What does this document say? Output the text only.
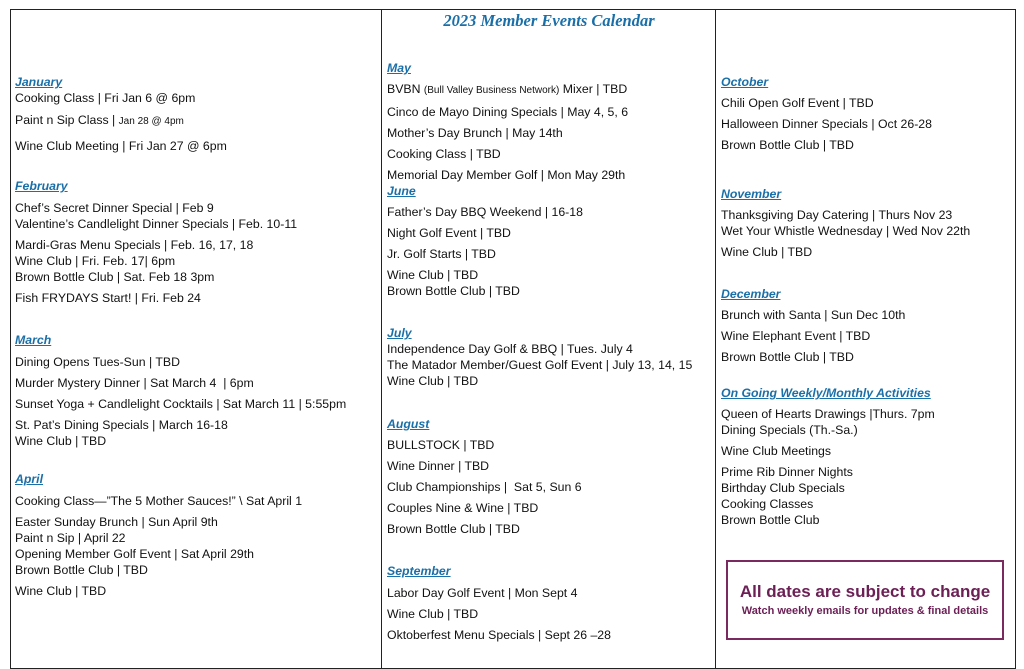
2023 Member Events Calendar
January
Cooking Class | Fri Jan 6 @ 6pm
Paint n Sip Class | Jan 28 @ 4pm
Wine Club Meeting | Fri Jan 27 @ 6pm
February
Chef’s Secret Dinner Special | Feb 9
Valentine’s Candlelight Dinner Specials | Feb. 10-11
Mardi-Gras Menu Specials | Feb. 16, 17, 18
Wine Club | Fri. Feb. 17| 6pm
Brown Bottle Club | Sat. Feb 18 3pm
Fish FRYDAYS Start! | Fri. Feb 24
March
Dining Opens Tues-Sun | TBD
Murder Mystery Dinner | Sat March 4  | 6pm
Sunset Yoga + Candlelight Cocktails | Sat March 11 | 5:55pm
St. Pat’s Dining Specials | March 16-18
Wine Club | TBD
April
Cooking Class—”The 5 Mother Sauces!” \ Sat April 1
Easter Sunday Brunch | Sun April 9th
Paint n Sip | April 22
Opening Member Golf Event | Sat April 29th
Brown Bottle Club | TBD
Wine Club | TBD
May
BVBN (Bull Valley Business Network) Mixer | TBD
Cinco de Mayo Dining Specials | May 4, 5, 6
Mother’s Day Brunch | May 14th
Cooking Class | TBD
Memorial Day Member Golf | Mon May 29th
June
Father’s Day BBQ Weekend | 16-18
Night Golf Event | TBD
Jr. Golf Starts | TBD
Wine Club | TBD
Brown Bottle Club | TBD
July
Independence Day Golf & BBQ | Tues. July 4
The Matador Member/Guest Golf Event | July 13, 14, 15
Wine Club | TBD
August
BULLSTOCK | TBD
Wine Dinner | TBD
Club Championships |  Sat 5, Sun 6
Couples Nine & Wine | TBD
Brown Bottle Club | TBD
September
Labor Day Golf Event | Mon Sept 4
Wine Club | TBD
Oktoberfest Menu Specials | Sept 26 –28
October
Chili Open Golf Event | TBD
Halloween Dinner Specials | Oct 26-28
Brown Bottle Club | TBD
November
Thanksgiving Day Catering | Thurs Nov 23
Wet Your Whistle Wednesday | Wed Nov 22th
Wine Club | TBD
December
Brunch with Santa | Sun Dec 10th
Wine Elephant Event | TBD
Brown Bottle Club | TBD
On Going Weekly/Monthly Activities
Queen of Hearts Drawings |Thurs. 7pm
Dining Specials (Th.-Sa.)
Wine Club Meetings
Prime Rib Dinner Nights
Birthday Club Specials
Cooking Classes
Brown Bottle Club
All dates are subject to change
Watch weekly emails for updates & final details
